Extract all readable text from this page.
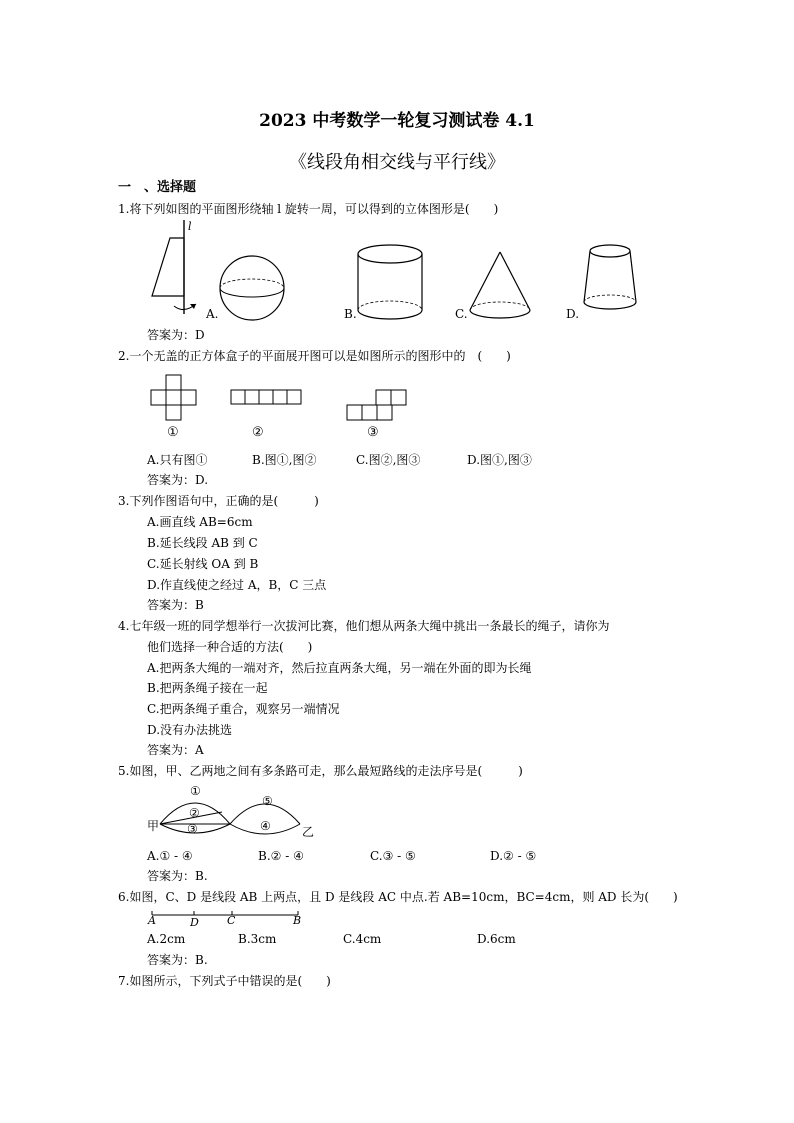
2023 中考数学一轮复习测试卷 4.1
《线段角相交线与平行线》
一　、选择题
1.将下列如图的平面图形绕轴 l 旋转一周，可以得到的立体图形是(　　)
l
A.	B.	C.	D.
答案为：D
2.一个无盖的正方体盒子的平面展开图可以是如图所示的图形中的　(　　)
①	②	③
A.只有图①	B.图①,图②	C.图②,图③	D.图①,图③
答案为：D.
3.下列作图语句中，正确的是(　　　)
A.画直线 AB=6cm
B.延长线段 AB 到 C
C.延长射线 OA 到 B
D.作直线使之经过 A，B，C 三点
答案为：B
4.七年级一班的同学想举行一次拔河比赛，他们想从两条大绳中挑出一条最长的绳子，请你为
他们选择一种合适的方法(　　)
A.把两条大绳的一端对齐，然后拉直两条大绳，另一端在外面的即为长绳
B.把两条绳子接在一起
C.把两条绳子重合，观察另一端情况
D.没有办法挑选
答案为：A
5.如图，甲、乙两地之间有多条路可走，那么最短路线的走法序号是(　　　)
①
②
③	④
⑤
甲	乙
A.① - ④	B.② - ④	C.③ - ⑤	D.② - ⑤
答案为：B.
6.如图，C、D 是线段 AB 上两点，且 D 是线段 AC 中点.若 AB=10cm，BC=4cm，则 AD 长为(　　)
A	D	C	B
A.2cm	B.3cm	C.4cm	D.6cm
答案为：B.
7.如图所示，下列式子中错误的是(　　)
